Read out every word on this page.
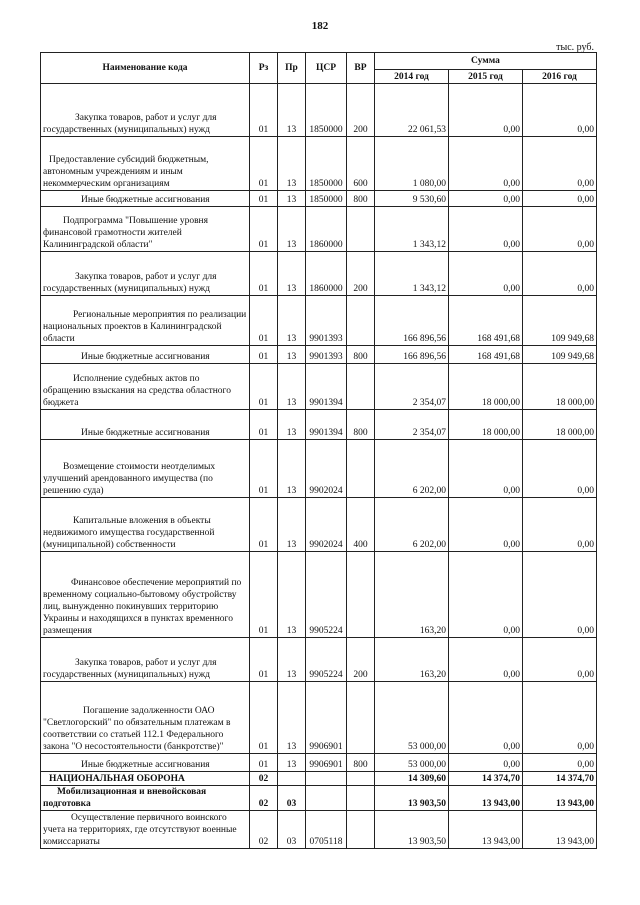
182
тыс. руб.
Наименование кода	Рз	Пр	ЦСР	ВР	Сумма		
					2014 год	2015 год	2016 год
Закупка товаров, работ и услуг для государственных (муниципальных) нужд	01	13	1850000	200	22 061,53	0,00	0,00
Предоставление субсидий бюджетным, автономным учреждениям и иным некоммерческим организациям	01	13	1850000	600	1 080,00	0,00	0,00
Иные бюджетные ассигнования	01	13	1850000	800	9 530,60	0,00	0,00
Подпрограмма "Повышение уровня финансовой грамотности жителей Калининградской области"	01	13	1860000		1 343,12	0,00	0,00
Закупка товаров, работ и услуг для государственных (муниципальных) нужд	01	13	1860000	200	1 343,12	0,00	0,00
Региональные мероприятия по реализации национальных проектов в Калининградской области	01	13	9901393		166 896,56	168 491,68	109 949,68
Иные бюджетные ассигнования	01	13	9901393	800	166 896,56	168 491,68	109 949,68
Исполнение судебных актов по обращению взыскания на средства областного бюджета	01	13	9901394		2 354,07	18 000,00	18 000,00
Иные бюджетные ассигнования	01	13	9901394	800	2 354,07	18 000,00	18 000,00
Возмещение стоимости неотделимых улучшений арендованного имущества (по решению суда)	01	13	9902024		6 202,00	0,00	0,00
Капитальные вложения в объекты недвижимого имущества государственной (муниципальной) собственности	01	13	9902024	400	6 202,00	0,00	0,00
Финансовое обеспечение мероприятий по временному социально-бытовому обустройству лиц, вынужденно покинувших территорию Украины и находящихся в пунктах временного размещения	01	13	9905224		163,20	0,00	0,00
Закупка товаров, работ и услуг для государственных (муниципальных) нужд	01	13	9905224	200	163,20	0,00	0,00
Погашение задолженности ОАО "Светлогорский" по обязательным платежам в соответствии со статьей 112.1 Федерального закона "О несостоятельности (банкротстве)"	01	13	9906901		53 000,00	0,00	0,00
Иные бюджетные ассигнования	01	13	9906901	800	53 000,00	0,00	0,00
НАЦИОНАЛЬНАЯ ОБОРОНА	02				14 309,60	14 374,70	14 374,70
Мобилизационная и вневойсковая подготовка	02	03			13 903,50	13 943,00	13 943,00
Осуществление первичного воинского учета на территориях, где отсутствуют военные комиссариаты	02	03	0705118		13 903,50	13 943,00	13 943,00
